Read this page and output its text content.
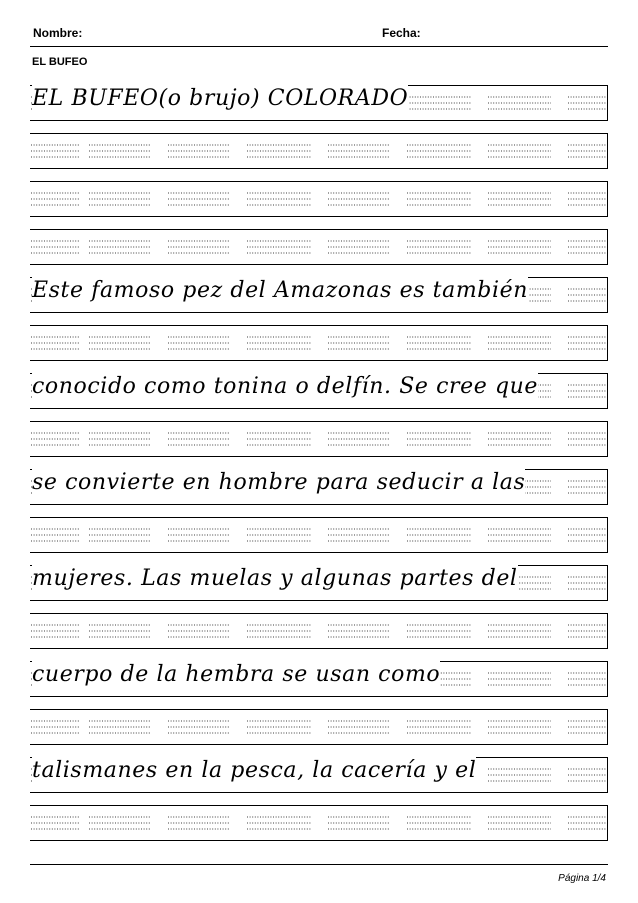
Nombre:	Fecha:
EL BUFEO
EL BUFEO(o brujo) COLORADO
Este famoso pez del Amazonas es también
conocido como tonina o delfín. Se cree que
se convierte en hombre para seducir a las
mujeres. Las muelas y algunas partes del
cuerpo de la hembra se usan como
talismanes en la pesca, la cacería y el
Página 1/4
